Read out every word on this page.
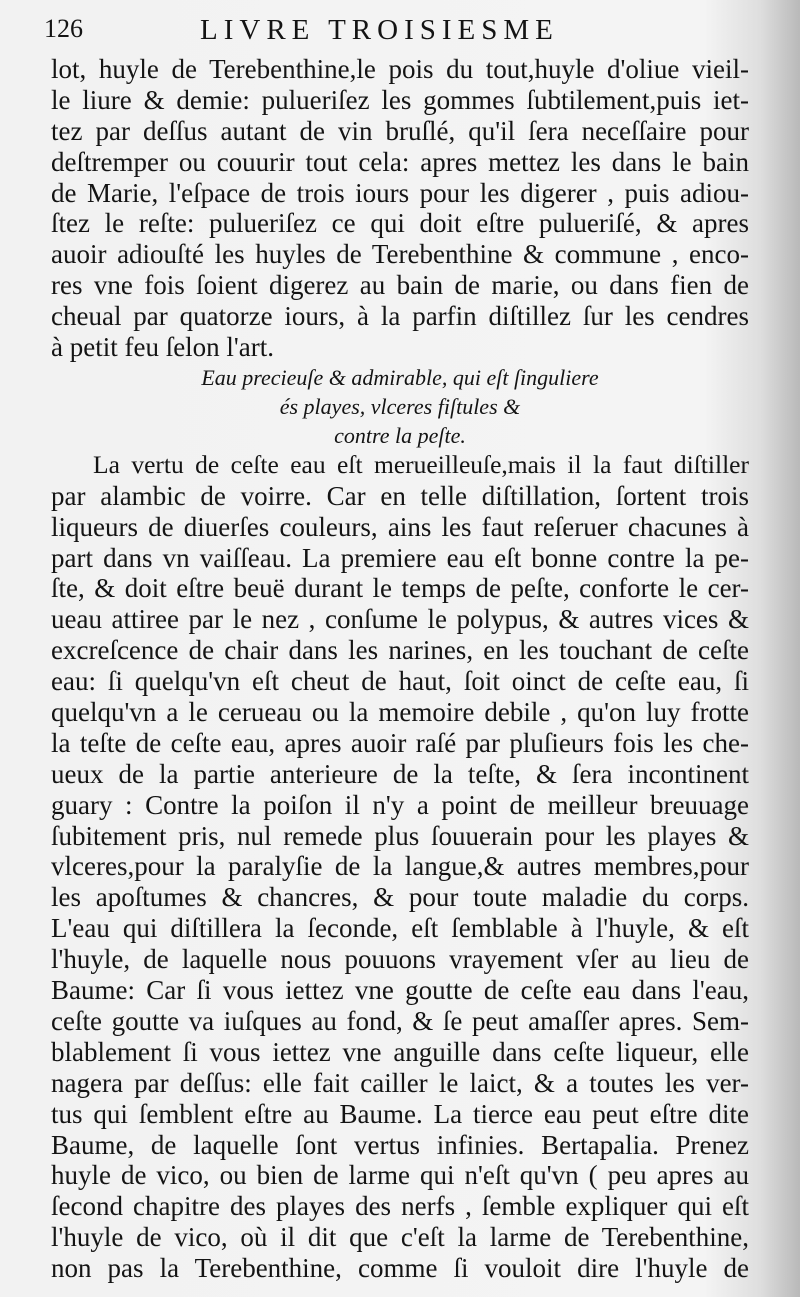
126	LIVRE TROISIESME
lot, huyle de Terebenthine,le pois du tout,huyle d'oliue vieil-
le liure & demie: pulueriſez les gommes ſubtilement,puis iet-
tez par deſſus autant de vin bruſlé, qu'il ſera neceſſaire pour
deſtremper ou couurir tout cela: apres mettez les dans le bain
de Marie, l'eſpace de trois iours pour les digerer , puis adiou-
ſtez le reſte: pulueriſez ce qui doit eſtre pulueriſé, & apres
auoir adiouſté les huyles de Terebenthine & commune , enco-
res vne fois ſoient digerez au bain de marie, ou dans fien de
cheual par quatorze iours, à la parfin diſtillez ſur les cendres
à petit feu ſelon l'art.
Eau precieuſe & admirable, qui eſt ſinguliere
és playes, vlceres fiſtules &
contre la peſte.
La vertu de ceſte eau eſt merueilleuſe,mais il la faut diſtiller
par alambic de voirre. Car en telle diſtillation, ſortent trois
liqueurs de diuerſes couleurs, ains les faut reſeruer chacunes à
part dans vn vaiſſeau. La premiere eau eſt bonne contre la pe-
ſte, & doit eſtre beuë durant le temps de peſte, conforte le cer-
ueau attiree par le nez , conſume le polypus, & autres vices &
excreſcence de chair dans les narines, en les touchant de ceſte
eau: ſi quelqu'vn eſt cheut de haut, ſoit oinct de ceſte eau, ſi
quelqu'vn a le cerueau ou la memoire debile , qu'on luy frotte
la teſte de ceſte eau, apres auoir raſé par pluſieurs fois les che-
ueux de la partie anterieure de la teſte, & ſera incontinent
guary : Contre la poiſon il n'y a point de meilleur breuuage
ſubitement pris, nul remede plus ſouuerain pour les playes &
vlceres,pour la paralyſie de la langue,& autres membres,pour
les apoſtumes & chancres, & pour toute maladie du corps.
L'eau qui diſtillera la ſeconde, eſt ſemblable à l'huyle, & eſt
l'huyle, de laquelle nous pouuons vrayement vſer au lieu de
Baume: Car ſi vous iettez vne goutte de ceſte eau dans l'eau,
ceſte goutte va iuſques au fond, & ſe peut amaſſer apres. Sem-
blablement ſi vous iettez vne anguille dans ceſte liqueur, elle
nagera par deſſus: elle fait cailler le laict, & a toutes les ver-
tus qui ſemblent eſtre au Baume. La tierce eau peut eſtre dite
Baume, de laquelle ſont vertus infinies. Bertapalia. Prenez
huyle de vico, ou bien de larme qui n'eſt qu'vn ( peu apres au
ſecond chapitre des playes des nerfs , ſemble expliquer qui eſt
l'huyle de vico, où il dit que c'eſt la larme de Terebenthine,
non pas la Terebenthine, comme ſi vouloit dire l'huyle de
